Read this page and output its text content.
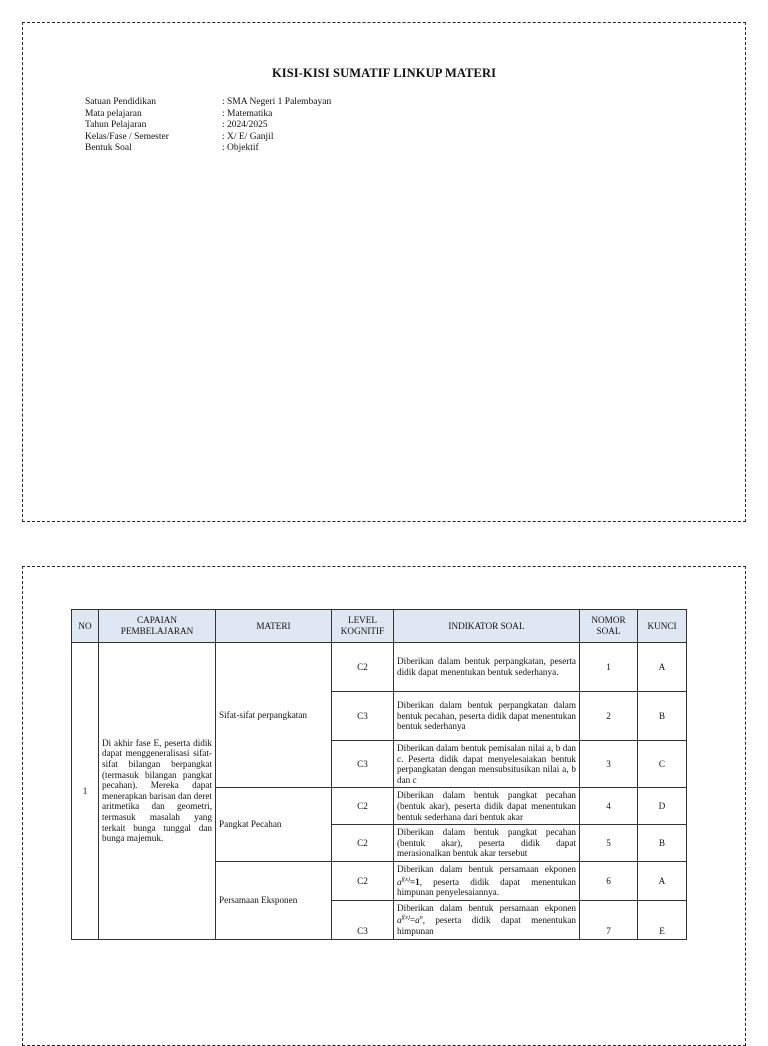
KISI-KISI SUMATIF LINKUP MATERI
Satuan Pendidikan	: SMA Negeri 1 Palembayan
Mata pelajaran	: Matematika
Tahun Pelajaran	: 2024/2025
Kelas/Fase / Semester	: X/ E/ Ganjil
Bentuk Soal	: Objektif
NO	CAPAIAN PEMBELAJARAN	MATERI	LEVEL KOGNITIF	INDIKATOR SOAL	NOMOR SOAL	KUNCI
1	Di akhir fase E, peserta didik dapat menggeneralisasi sifat-sifat bilangan berpangkat (termasuk bilangan pangkat pecahan). Mereka dapat menerapkan barisan dan deret aritmetika dan geometri, termasuk masalah yang terkait bunga tunggal dan bunga majemuk.	Sifat-sifat perpangkatan	C2	Diberikan dalam bentuk perpangkatan, peserta didik dapat menentukan bentuk sederhanya.	1	A
			C3	Diberikan dalam bentuk perpangkatan dalam bentuk pecahan, peserta didik dapat menentukan bentuk sederhanya	2	B
			C3	Diberikan dalam bentuk pemisalan nilai a, b dan c. Peserta didik dapat menyelesaiakan bentuk perpangkatan dengan mensubsitusikan nilai a, b dan c	3	C
		Pangkat Pecahan	C2	Diberikan dalam bentuk pangkat pecahan (bentuk akar), peserta didik dapat menentukan bentuk sederhana dari bentuk akar	4	D
			C2	Diberikan dalam bentuk pangkat pecahan (bentuk akar), peserta didik dapat merasionalkan bentuk akar tersebut	5	B
		Persamaan Eksponen	C2	Diberikan dalam bentuk persamaan ekponen $a^{f(x)}=1$, peserta didik dapat menentukan himpunan penyelesaiannya.	6	A
			C3	Diberikan dalam bentuk persamaan ekponen $a^{f(x)}=a^n$, peserta didik dapat menentukan himpunan	7	E
